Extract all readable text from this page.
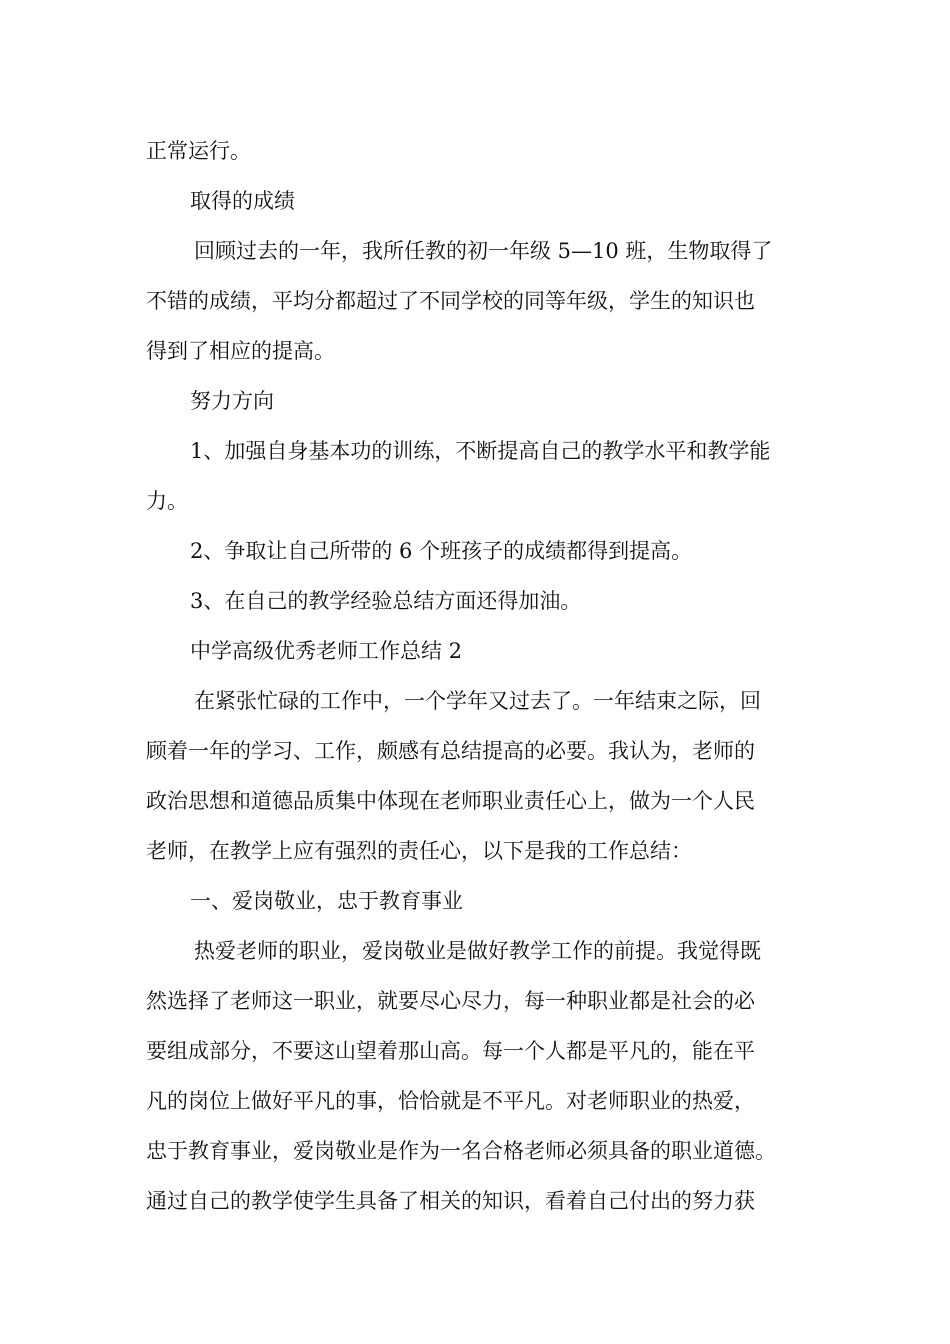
正常运行。
取得的成绩
回顾过去的一年，我所任教的初一年级 5—10 班，生物取得了
不错的成绩，平均分都超过了不同学校的同等年级，学生的知识也
得到了相应的提高。
努力方向
1、加强自身基本功的训练，不断提高自己的教学水平和教学能
力。
2、争取让自己所带的 6 个班孩子的成绩都得到提高。
3、在自己的教学经验总结方面还得加油。
中学高级优秀老师工作总结 2
在紧张忙碌的工作中，一个学年又过去了。一年结束之际，回
顾着一年的学习、工作，颇感有总结提高的必要。我认为，老师的
政治思想和道德品质集中体现在老师职业责任心上，做为一个人民
老师，在教学上应有强烈的责任心，以下是我的工作总结：
一、爱岗敬业，忠于教育事业
热爱老师的职业，爱岗敬业是做好教学工作的前提。我觉得既
然选择了老师这一职业，就要尽心尽力，每一种职业都是社会的必
要组成部分，不要这山望着那山高。每一个人都是平凡的，能在平
凡的岗位上做好平凡的事，恰恰就是不平凡。对老师职业的热爱，
忠于教育事业，爱岗敬业是作为一名合格老师必须具备的职业道德。
通过自己的教学使学生具备了相关的知识，看着自己付出的努力获
